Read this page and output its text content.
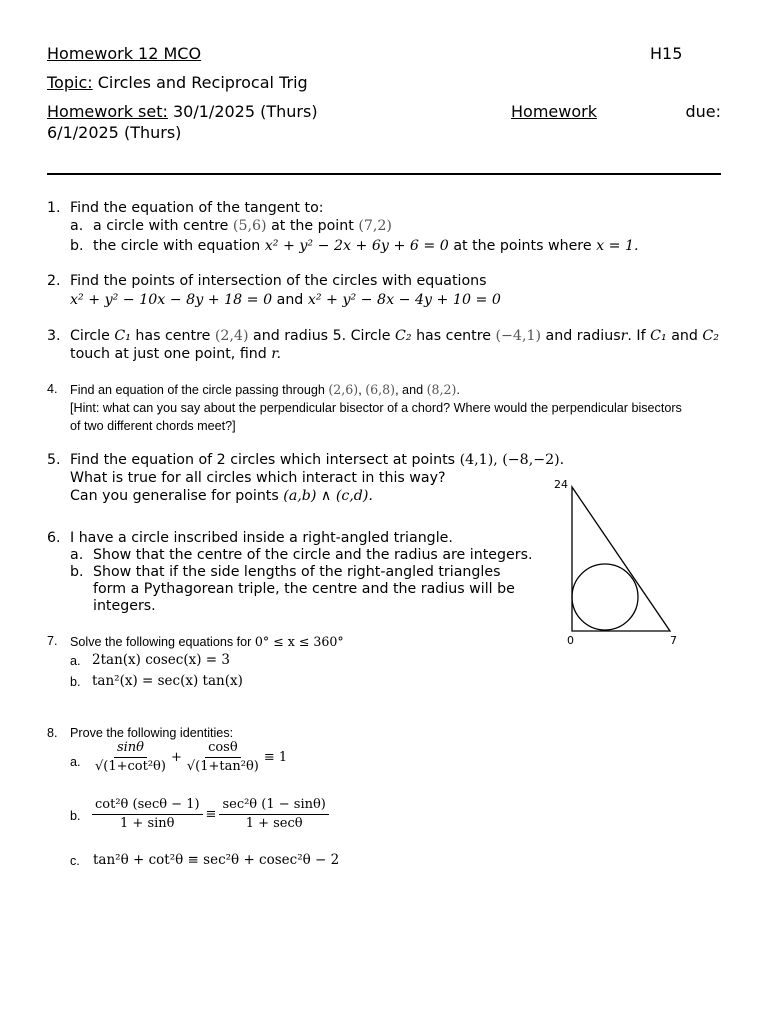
Homework 12 MCO	H15
Topic: Circles and Reciprocal Trig
Homework set: 30/1/2025 (Thurs)	Homework	due:
6/1/2025 (Thurs)
1. Find the equation of the tangent to:
a. a circle with centre (5,6) at the point (7,2)
b. the circle with equation x² + y² − 2x + 6y + 6 = 0 at the points where x = 1.
2. Find the points of intersection of the circles with equations
x² + y² − 10x − 8y + 18 = 0 and x² + y² − 8x − 4y + 10 = 0
3. Circle C₁ has centre (2,4) and radius 5. Circle C₂ has centre (−4,1) and radiusr. If C₁ and C₂
touch at just one point, find r.
4. Find an equation of the circle passing through (2,6), (6,8), and (8,2).
[Hint: what can you say about the perpendicular bisector of a chord? Where would the perpendicular bisectors
of two different chords meet?]
5. Find the equation of 2 circles which intersect at points (4,1), (−8,−2).
What is true for all circles which interact in this way?
Can you generalise for points (a,b) ∧ (c,d).
24
0	7
6. I have a circle inscribed inside a right-angled triangle.
a. Show that the centre of the circle and the radius are integers.
b. Show that if the side lengths of the right-angled triangles
form a Pythagorean triple, the centre and the radius will be
integers.
7. Solve the following equations for 0° ≤ x ≤ 360°
a. 2tan(x) cosec(x) = 3
b. tan²(x) = sec(x) tan(x)
8. Prove the following identities:
a. $\frac{\sin\theta}{\text{√(1+cot²θ)}} + \frac{\cos\theta}{\text{√(1+tan²θ)}} \equiv 1$
b. $\frac{\text{cot²θ (secθ − 1)}}{1 + \sin\theta} \equiv \frac{\text{sec²θ (1 − sinθ)}}{1 + \sec\theta}$
c. tan²θ + cot²θ ≡ sec²θ + cosec²θ − 2
